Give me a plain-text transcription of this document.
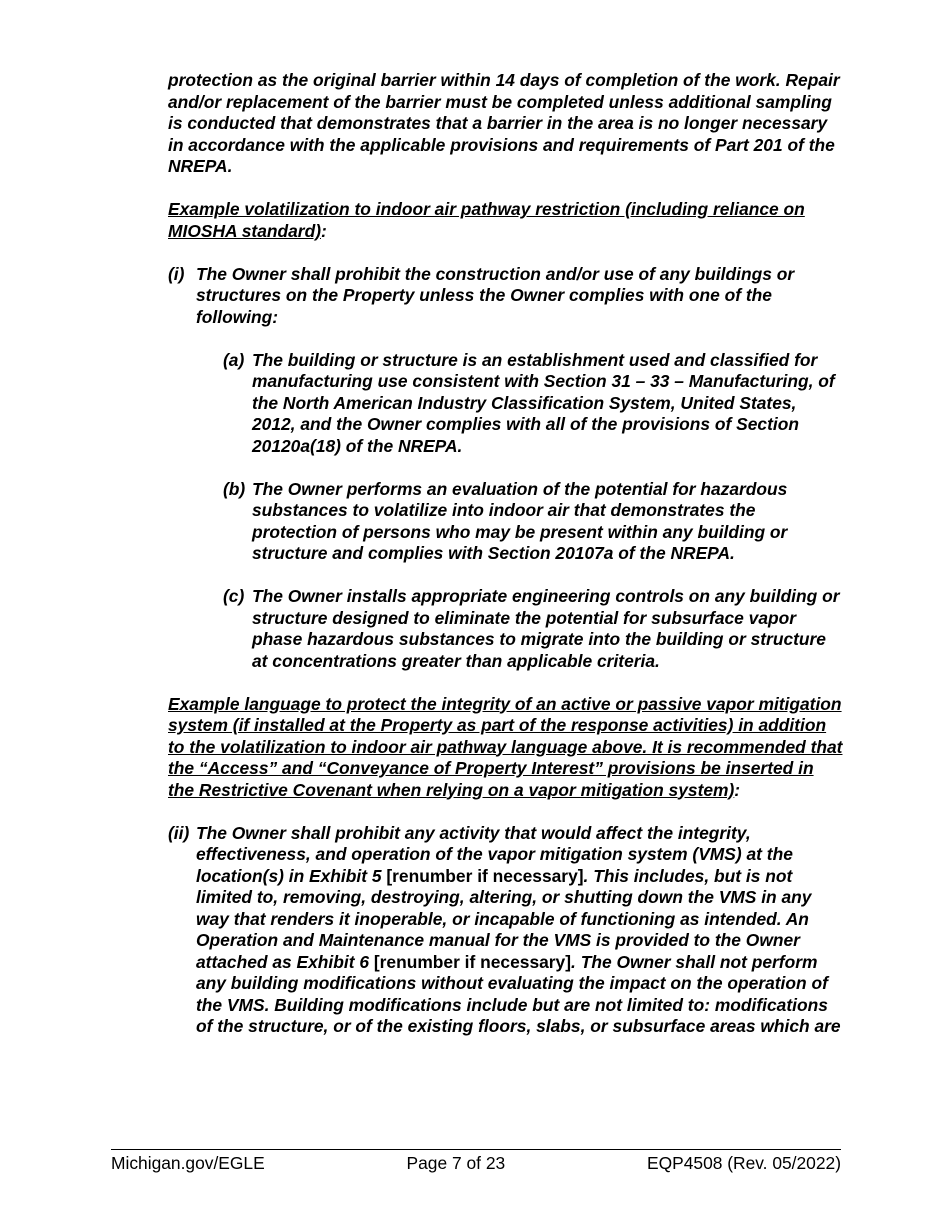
protection as the original barrier within 14 days of completion of the work. Repair and/or replacement of the barrier must be completed unless additional sampling is conducted that demonstrates that a barrier in the area is no longer necessary in accordance with the applicable provisions and requirements of Part 201 of the NREPA.

Example volatilization to indoor air pathway restriction (including reliance on MIOSHA standard):

(i) The Owner shall prohibit the construction and/or use of any buildings or structures on the Property unless the Owner complies with one of the following:
(a) The building or structure is an establishment used and classified for manufacturing use consistent with Section 31 – 33 – Manufacturing, of the North American Industry Classification System, United States, 2012, and the Owner complies with all of the provisions of Section 20120a(18) of the NREPA.
(b) The Owner performs an evaluation of the potential for hazardous substances to volatilize into indoor air that demonstrates the protection of persons who may be present within any building or structure and complies with Section 20107a of the NREPA.
(c) The Owner installs appropriate engineering controls on any building or structure designed to eliminate the potential for subsurface vapor phase hazardous substances to migrate into the building or structure at concentrations greater than applicable criteria.

Example language to protect the integrity of an active or passive vapor mitigation system (if installed at the Property as part of the response activities) in addition to the volatilization to indoor air pathway language above. It is recommended that the “Access” and “Conveyance of Property Interest” provisions be inserted in the Restrictive Covenant when relying on a vapor mitigation system):

(ii) The Owner shall prohibit any activity that would affect the integrity, effectiveness, and operation of the vapor mitigation system (VMS) at the location(s) in Exhibit 5 [renumber if necessary]. This includes, but is not limited to, removing, destroying, altering, or shutting down the VMS in any way that renders it inoperable, or incapable of functioning as intended. An Operation and Maintenance manual for the VMS is provided to the Owner attached as Exhibit 6 [renumber if necessary]. The Owner shall not perform any building modifications without evaluating the impact on the operation of the VMS. Building modifications include but are not limited to: modifications of the structure, or of the existing floors, slabs, or subsurface areas which are
Michigan.gov/EGLE	Page 7 of 23	EQP4508 (Rev. 05/2022)
